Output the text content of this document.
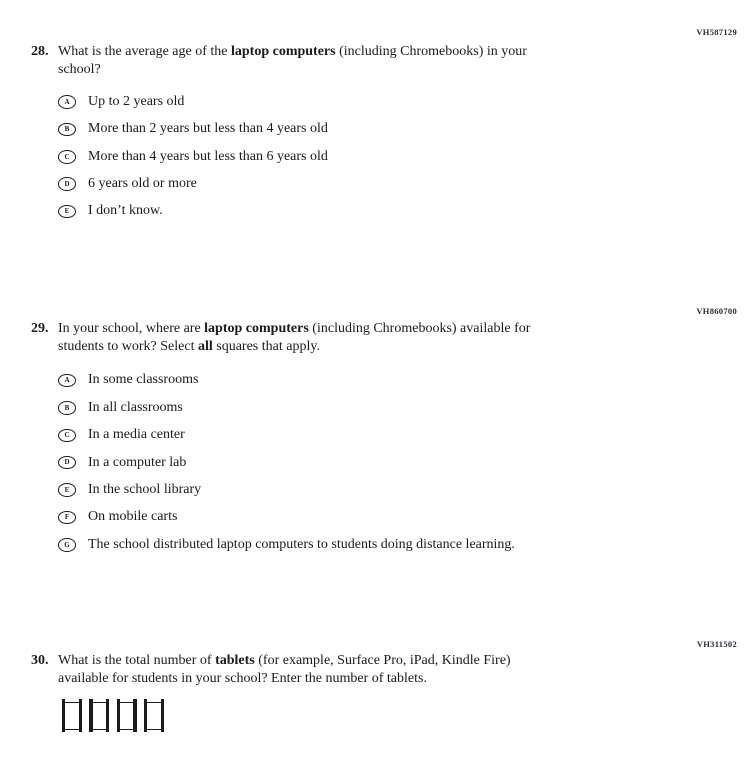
VH587129
VH860700
VH311502
28. What is the average age of the laptop computers (including Chromebooks) in your
school?
A	Up to 2 years old
B	More than 2 years but less than 4 years old
C	More than 4 years but less than 6 years old
D	6 years old or more
E	I don’t know.
29. In your school, where are laptop computers (including Chromebooks) available for
students to work? Select all squares that apply.
A	In some classrooms
B	In all classrooms
C	In a media center
D	In a computer lab
E	In the school library
F	On mobile carts
G	The school distributed laptop computers to students doing distance learning.
30. What is the total number of tablets (for example, Surface Pro, iPad, Kindle Fire)
available for students in your school? Enter the number of tablets.
